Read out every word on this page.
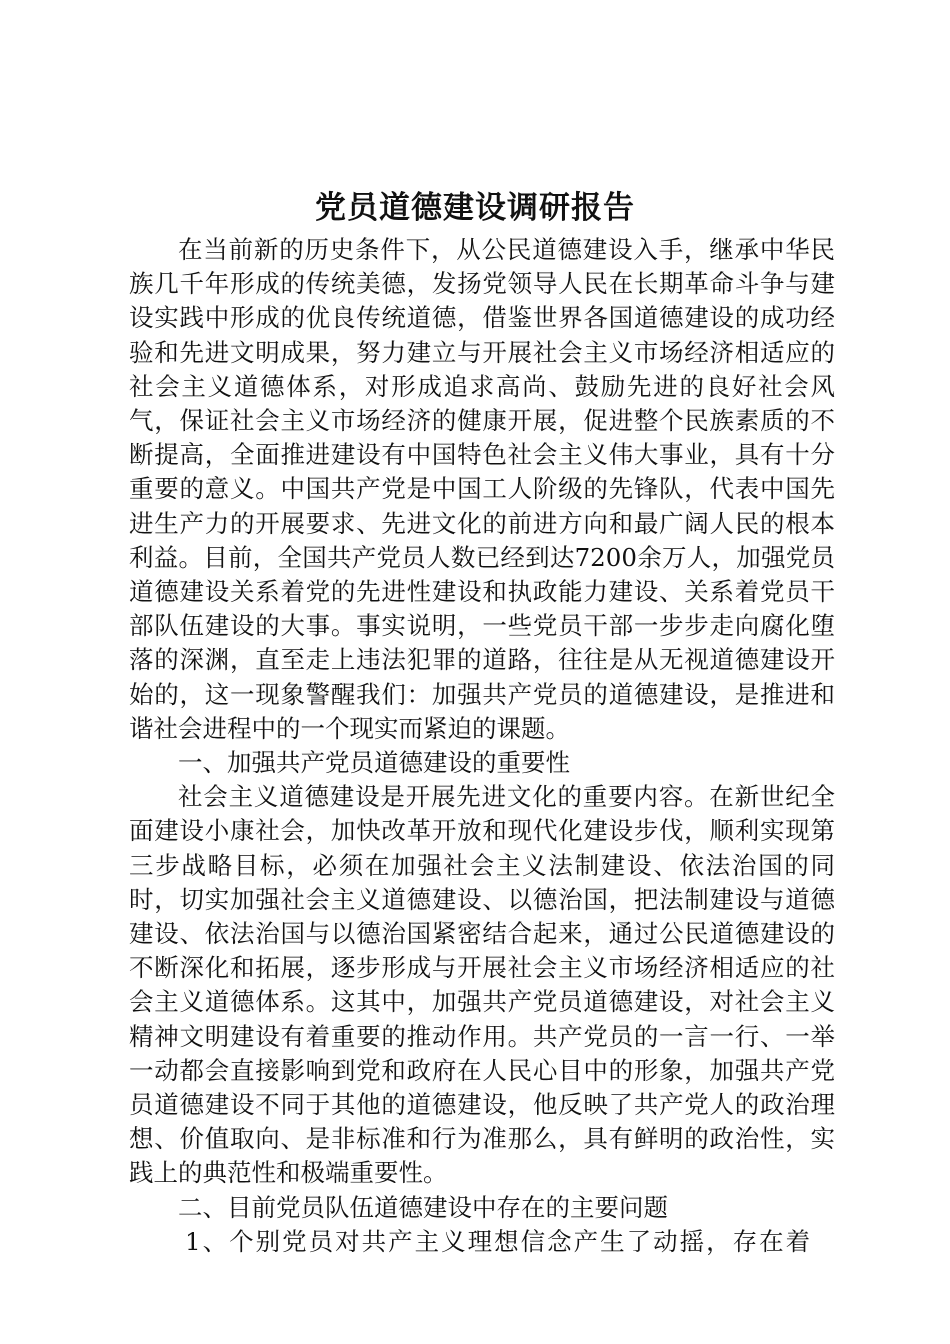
党员道德建设调研报告

在当前新的历史条件下，从公民道德建设入手，继承中华民族几千年形成的传统美德，发扬党领导人民在长期革命斗争与建设实践中形成的优良传统道德，借鉴世界各国道德建设的成功经验和先进文明成果，努力建立与开展社会主义市场经济相适应的社会主义道德体系，对形成追求高尚、鼓励先进的良好社会风气，保证社会主义市场经济的健康开展，促进整个民族素质的不断提高，全面推进建设有中国特色社会主义伟大事业，具有十分重要的意义。中国共产党是中国工人阶级的先锋队，代表中国先进生产力的开展要求、先进文化的前进方向和最广阔人民的根本利益。目前，全国共产党员人数已经到达7200余万人，加强党员道德建设关系着党的先进性建设和执政能力建设、关系着党员干部队伍建设的大事。事实说明，一些党员干部一步步走向腐化堕落的深渊，直至走上违法犯罪的道路，往往是从无视道德建设开始的，这一现象警醒我们：加强共产党员的道德建设，是推进和谐社会进程中的一个现实而紧迫的课题。

一、加强共产党员道德建设的重要性

社会主义道德建设是开展先进文化的重要内容。在新世纪全面建设小康社会，加快改革开放和现代化建设步伐，顺利实现第三步战略目标，必须在加强社会主义法制建设、依法治国的同时，切实加强社会主义道德建设、以德治国，把法制建设与道德建设、依法治国与以德治国紧密结合起来，通过公民道德建设的不断深化和拓展，逐步形成与开展社会主义市场经济相适应的社会主义道德体系。这其中，加强共产党员道德建设，对社会主义精神文明建设有着重要的推动作用。共产党员的一言一行、一举一动都会直接影响到党和政府在人民心目中的形象，加强共产党员道德建设不同于其他的道德建设，他反映了共产党人的政治理想、价值取向、是非标准和行为准那么，具有鲜明的政治性，实践上的典范性和极端重要性。

二、目前党员队伍道德建设中存在的主要问题

1、个别党员对共产主义理想信念产生了动摇，存在着
